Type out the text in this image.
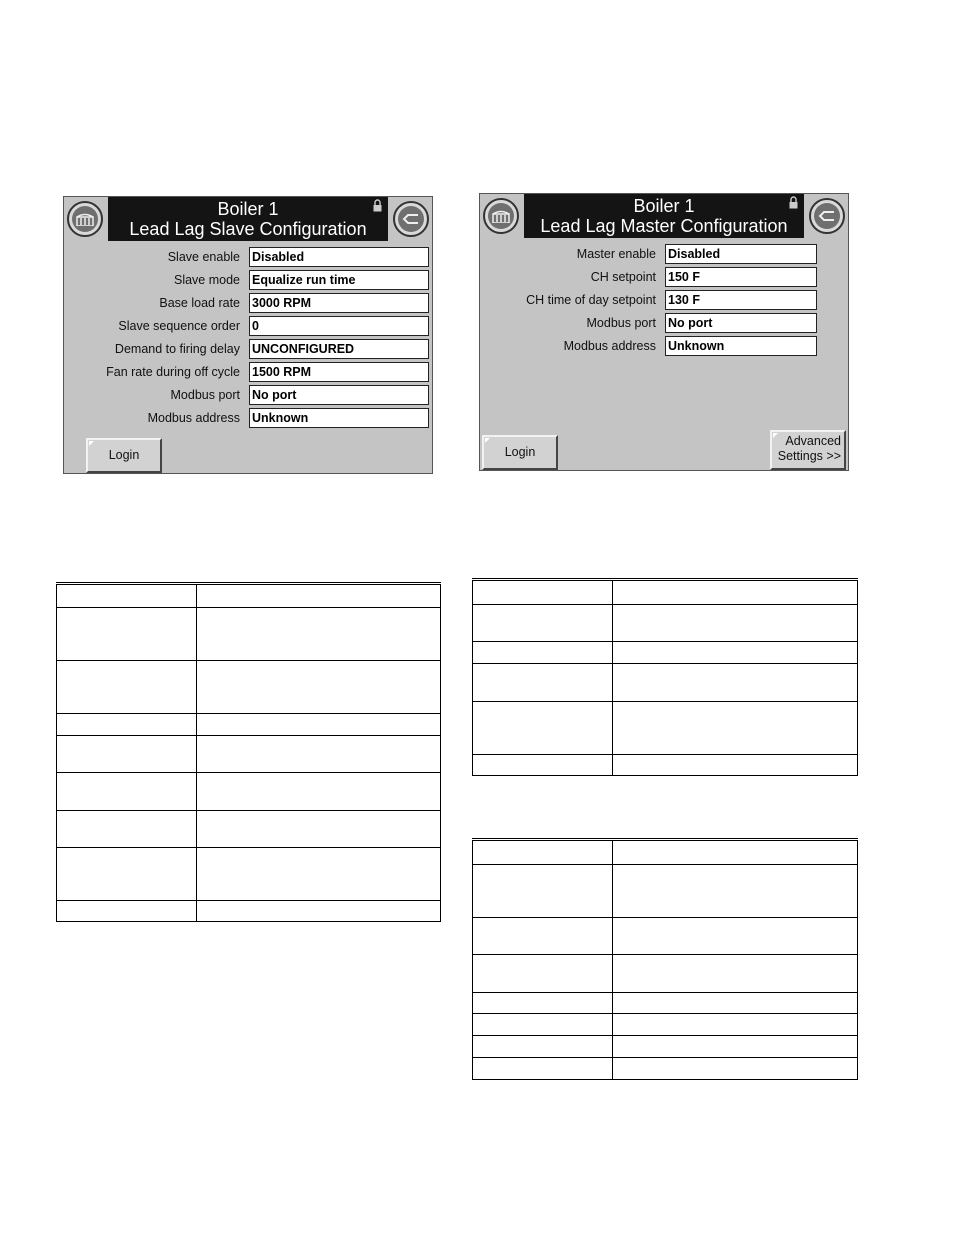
Boiler 1
Lead Lag Slave Configuration
Slave enable Disabled
Slave mode Equalize run time
Base load rate 3000 RPM
Slave sequence order 0
Demand to firing delay UNCONFIGURED
Fan rate during off cycle 1500 RPM
Modbus port No port
Modbus address Unknown
Login
Boiler 1
Lead Lag Master Configuration
Master enable Disabled
CH setpoint 150 F
CH time of day setpoint 130 F
Modbus port No port
Modbus address Unknown
Login
Advanced
Settings >>
